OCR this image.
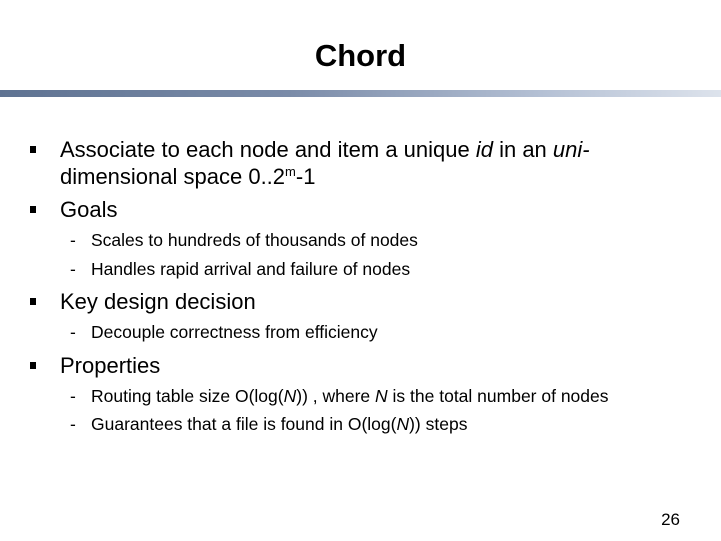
Chord
Associate to each node and item a unique id in an uni-
dimensional space 0..2$^m$-1
Goals
- Scales to hundreds of thousands of nodes
- Handles rapid arrival and failure of nodes
Key design decision
- Decouple correctness from efficiency
Properties
- Routing table size O(log(N)) , where N is the total number of nodes
- Guarantees that a file is found in O(log(N)) steps
26
